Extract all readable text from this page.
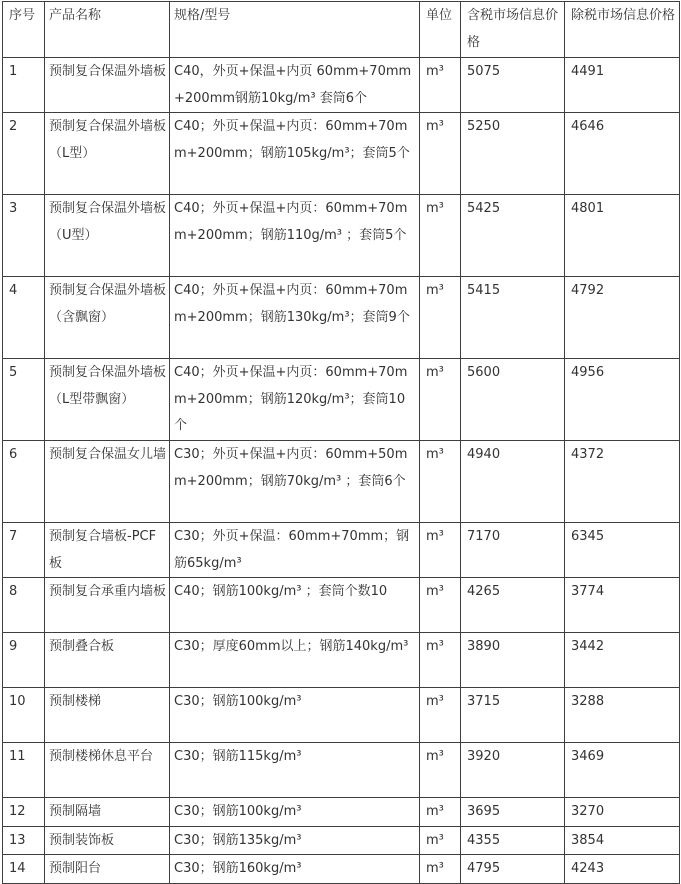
序号	产品名称	规格/型号	单位	含税市场信息价格	除税市场信息价格
1	预制复合保温外墙板	C40，外页+保温+内页 60mm+70mm+200mm钢筋10kg/m³ 套筒6个	m³	5075	4491
2	预制复合保温外墙板（L型）	C40；外页+保温+内页：60mm+70mm+200mm；钢筋105kg/m³；套筒5个	m³	5250	4646
3	预制复合保温外墙板（U型）	C40；外页+保温+内页：60mm+70mm+200mm；钢筋110g/m³ ；套筒5个	m³	5425	4801
4	预制复合保温外墙板（含飘窗）	C40；外页+保温+内页：60mm+70mm+200mm；钢筋130kg/m³；套筒9个	m³	5415	4792
5	预制复合保温外墙板（L型带飘窗）	C40；外页+保温+内页：60mm+70mm+200mm；钢筋120kg/m³；套筒10个	m³	5600	4956
6	预制复合保温女儿墙	C30；外页+保温+内页：60mm+50mm+200mm；钢筋70kg/m³ ；套筒6个	m³	4940	4372
7	预制复合墙板-PCF板	C30；外页+保温：60mm+70mm；钢筋65kg/m³	m³	7170	6345
8	预制复合承重内墙板	C40；钢筋100kg/m³ ；套筒个数10	m³	4265	3774
9	预制叠合板	C30；厚度60mm以上；钢筋140kg/m³	m³	3890	3442
10	预制楼梯	C30；钢筋100kg/m³	m³	3715	3288
11	预制楼梯休息平台	C30；钢筋115kg/m³	m³	3920	3469
12	预制隔墙	C30；钢筋100kg/m³	m³	3695	3270
13	预制装饰板	C30；钢筋135kg/m³	m³	4355	3854
14	预制阳台	C30；钢筋160kg/m³	m³	4795	4243
